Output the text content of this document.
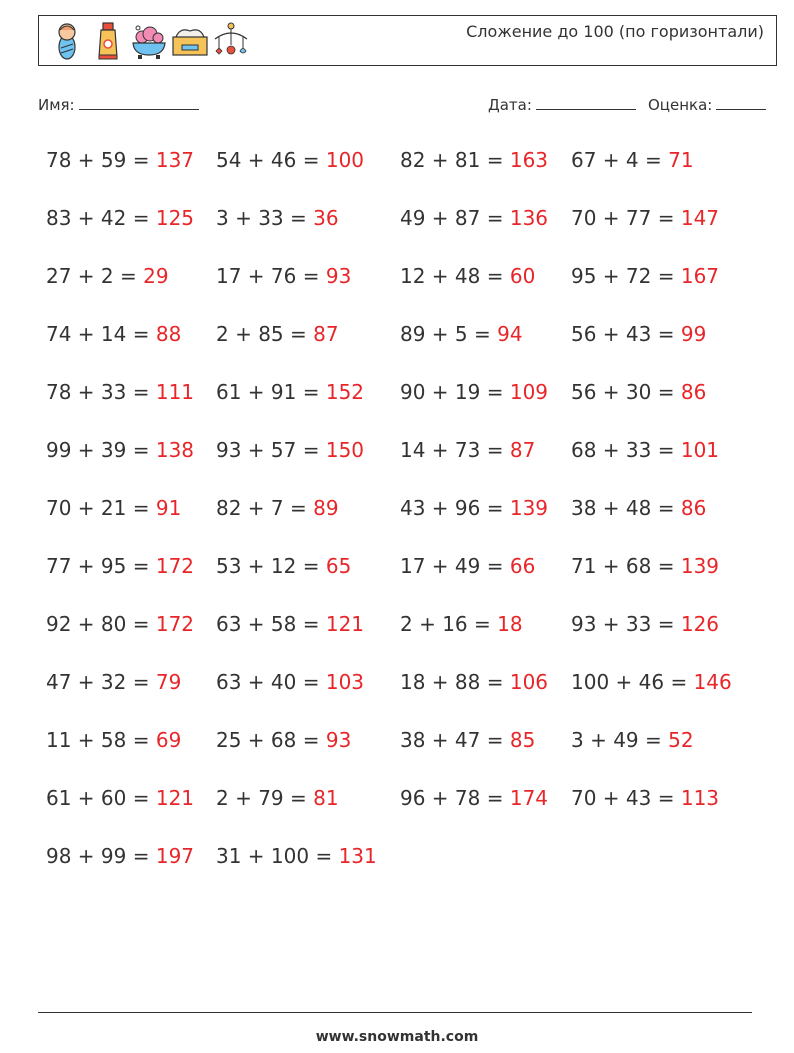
Сложение до 100 (по горизонтали)
Имя:	Дата:	Оценка:
78 + 59 = 137
83 + 42 = 125
27 + 2 = 29
74 + 14 = 88
78 + 33 = 111
99 + 39 = 138
70 + 21 = 91
77 + 95 = 172
92 + 80 = 172
47 + 32 = 79
11 + 58 = 69
61 + 60 = 121
98 + 99 = 197
54 + 46 = 100
3 + 33 = 36
17 + 76 = 93
2 + 85 = 87
61 + 91 = 152
93 + 57 = 150
82 + 7 = 89
53 + 12 = 65
63 + 58 = 121
63 + 40 = 103
25 + 68 = 93
2 + 79 = 81
31 + 100 = 131
82 + 81 = 163
49 + 87 = 136
12 + 48 = 60
89 + 5 = 94
90 + 19 = 109
14 + 73 = 87
43 + 96 = 139
17 + 49 = 66
2 + 16 = 18
18 + 88 = 106
38 + 47 = 85
96 + 78 = 174
67 + 4 = 71
70 + 77 = 147
95 + 72 = 167
56 + 43 = 99
56 + 30 = 86
68 + 33 = 101
38 + 48 = 86
71 + 68 = 139
93 + 33 = 126
100 + 46 = 146
3 + 49 = 52
70 + 43 = 113
www.snowmath.com
